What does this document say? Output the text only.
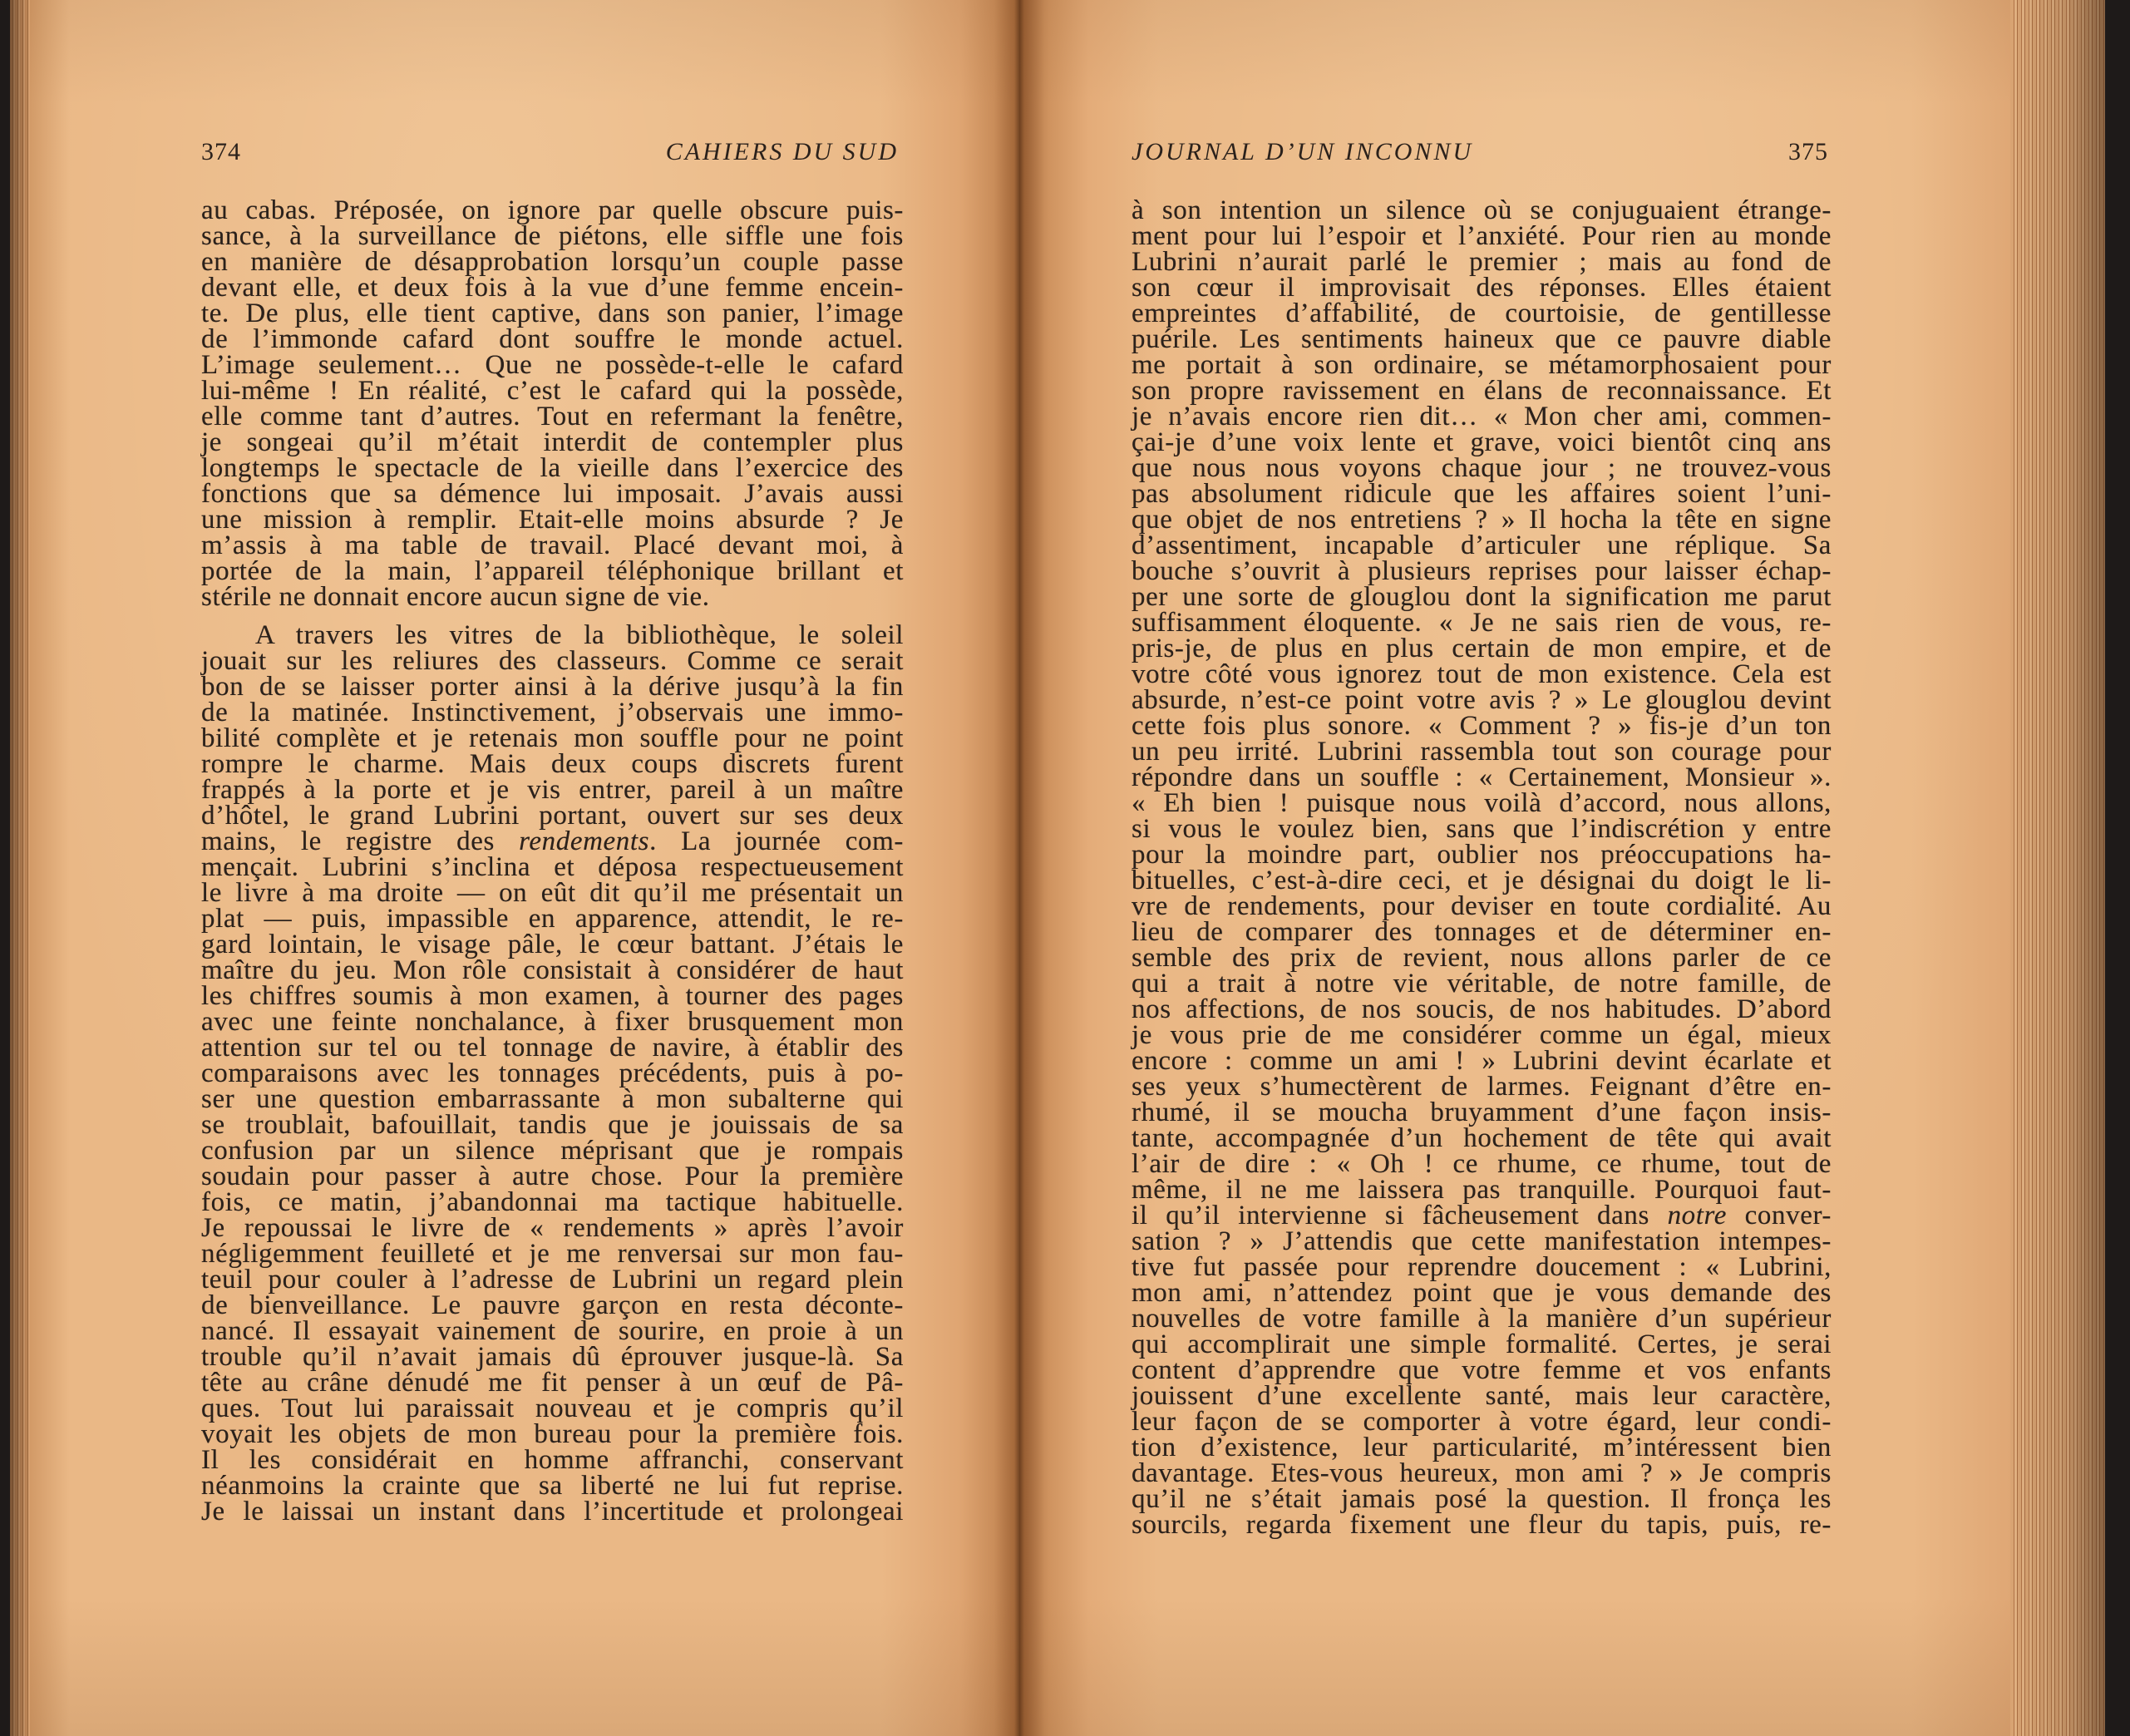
374	CAHIERS DU SUD
au cabas. Préposée, on ignore par quelle obscure puis-
sance, à la surveillance de piétons, elle siffle une fois
en manière de désapprobation lorsqu’un couple passe
devant elle, et deux fois à la vue d’une femme encein-
te. De plus, elle tient captive, dans son panier, l’image
de l’immonde cafard dont souffre le monde actuel.
L’image seulement… Que ne possède-t-elle le cafard
lui-même ! En réalité, c’est le cafard qui la possède,
elle comme tant d’autres. Tout en refermant la fenêtre,
je songeai qu’il m’était interdit de contempler plus
longtemps le spectacle de la vieille dans l’exercice des
fonctions que sa démence lui imposait. J’avais aussi
une mission à remplir. Etait-elle moins absurde ? Je
m’assis à ma table de travail. Placé devant moi, à
portée de la main, l’appareil téléphonique brillant et
stérile ne donnait encore aucun signe de vie.
A travers les vitres de la bibliothèque, le soleil
jouait sur les reliures des classeurs. Comme ce serait
bon de se laisser porter ainsi à la dérive jusqu’à la fin
de la matinée. Instinctivement, j’observais une immo-
bilité complète et je retenais mon souffle pour ne point
rompre le charme. Mais deux coups discrets furent
frappés à la porte et je vis entrer, pareil à un maître
d’hôtel, le grand Lubrini portant, ouvert sur ses deux
mains, le registre des rendements. La journée com-
mençait. Lubrini s’inclina et déposa respectueusement
le livre à ma droite — on eût dit qu’il me présentait un
plat — puis, impassible en apparence, attendit, le re-
gard lointain, le visage pâle, le cœur battant. J’étais le
maître du jeu. Mon rôle consistait à considérer de haut
les chiffres soumis à mon examen, à tourner des pages
avec une feinte nonchalance, à fixer brusquement mon
attention sur tel ou tel tonnage de navire, à établir des
comparaisons avec les tonnages précédents, puis à po-
ser une question embarrassante à mon subalterne qui
se troublait, bafouillait, tandis que je jouissais de sa
confusion par un silence méprisant que je rompais
soudain pour passer à autre chose. Pour la première
fois, ce matin, j’abandonnai ma tactique habituelle.
Je repoussai le livre de « rendements » après l’avoir
négligemment feuilleté et je me renversai sur mon fau-
teuil pour couler à l’adresse de Lubrini un regard plein
de bienveillance. Le pauvre garçon en resta déconte-
nancé. Il essayait vainement de sourire, en proie à un
trouble qu’il n’avait jamais dû éprouver jusque-là. Sa
tête au crâne dénudé me fit penser à un œuf de Pâ-
ques. Tout lui paraissait nouveau et je compris qu’il
voyait les objets de mon bureau pour la première fois.
Il les considérait en homme affranchi, conservant
néanmoins la crainte que sa liberté ne lui fut reprise.
Je le laissai un instant dans l’incertitude et prolongeai
JOURNAL D’UN INCONNU	375
à son intention un silence où se conjuguaient étrange-
ment pour lui l’espoir et l’anxiété. Pour rien au monde
Lubrini n’aurait parlé le premier ; mais au fond de
son cœur il improvisait des réponses. Elles étaient
empreintes d’affabilité, de courtoisie, de gentillesse
puérile. Les sentiments haineux que ce pauvre diable
me portait à son ordinaire, se métamorphosaient pour
son propre ravissement en élans de reconnaissance. Et
je n’avais encore rien dit… « Mon cher ami, commen-
çai-je d’une voix lente et grave, voici bientôt cinq ans
que nous nous voyons chaque jour ; ne trouvez-vous
pas absolument ridicule que les affaires soient l’uni-
que objet de nos entretiens ? » Il hocha la tête en signe
d’assentiment, incapable d’articuler une réplique. Sa
bouche s’ouvrit à plusieurs reprises pour laisser échap-
per une sorte de glouglou dont la signification me parut
suffisamment éloquente. « Je ne sais rien de vous, re-
pris-je, de plus en plus certain de mon empire, et de
votre côté vous ignorez tout de mon existence. Cela est
absurde, n’est-ce point votre avis ? » Le glouglou devint
cette fois plus sonore. « Comment ? » fis-je d’un ton
un peu irrité. Lubrini rassembla tout son courage pour
répondre dans un souffle : « Certainement, Monsieur ».
« Eh bien ! puisque nous voilà d’accord, nous allons,
si vous le voulez bien, sans que l’indiscrétion y entre
pour la moindre part, oublier nos préoccupations ha-
bituelles, c’est-à-dire ceci, et je désignai du doigt le li-
vre de rendements, pour deviser en toute cordialité. Au
lieu de comparer des tonnages et de déterminer en-
semble des prix de revient, nous allons parler de ce
qui a trait à notre vie véritable, de notre famille, de
nos affections, de nos soucis, de nos habitudes. D’abord
je vous prie de me considérer comme un égal, mieux
encore : comme un ami ! » Lubrini devint écarlate et
ses yeux s’humectèrent de larmes. Feignant d’être en-
rhumé, il se moucha bruyamment d’une façon insis-
tante, accompagnée d’un hochement de tête qui avait
l’air de dire : « Oh ! ce rhume, ce rhume, tout de
même, il ne me laissera pas tranquille. Pourquoi faut-
il qu’il intervienne si fâcheusement dans notre conver-
sation ? » J’attendis que cette manifestation intempes-
tive fut passée pour reprendre doucement : « Lubrini,
mon ami, n’attendez point que je vous demande des
nouvelles de votre famille à la manière d’un supérieur
qui accomplirait une simple formalité. Certes, je serai
content d’apprendre que votre femme et vos enfants
jouissent d’une excellente santé, mais leur caractère,
leur façon de se comporter à votre égard, leur condi-
tion d’existence, leur particularité, m’intéressent bien
davantage. Etes-vous heureux, mon ami ? » Je compris
qu’il ne s’était jamais posé la question. Il fronça les
sourcils, regarda fixement une fleur du tapis, puis, re-
